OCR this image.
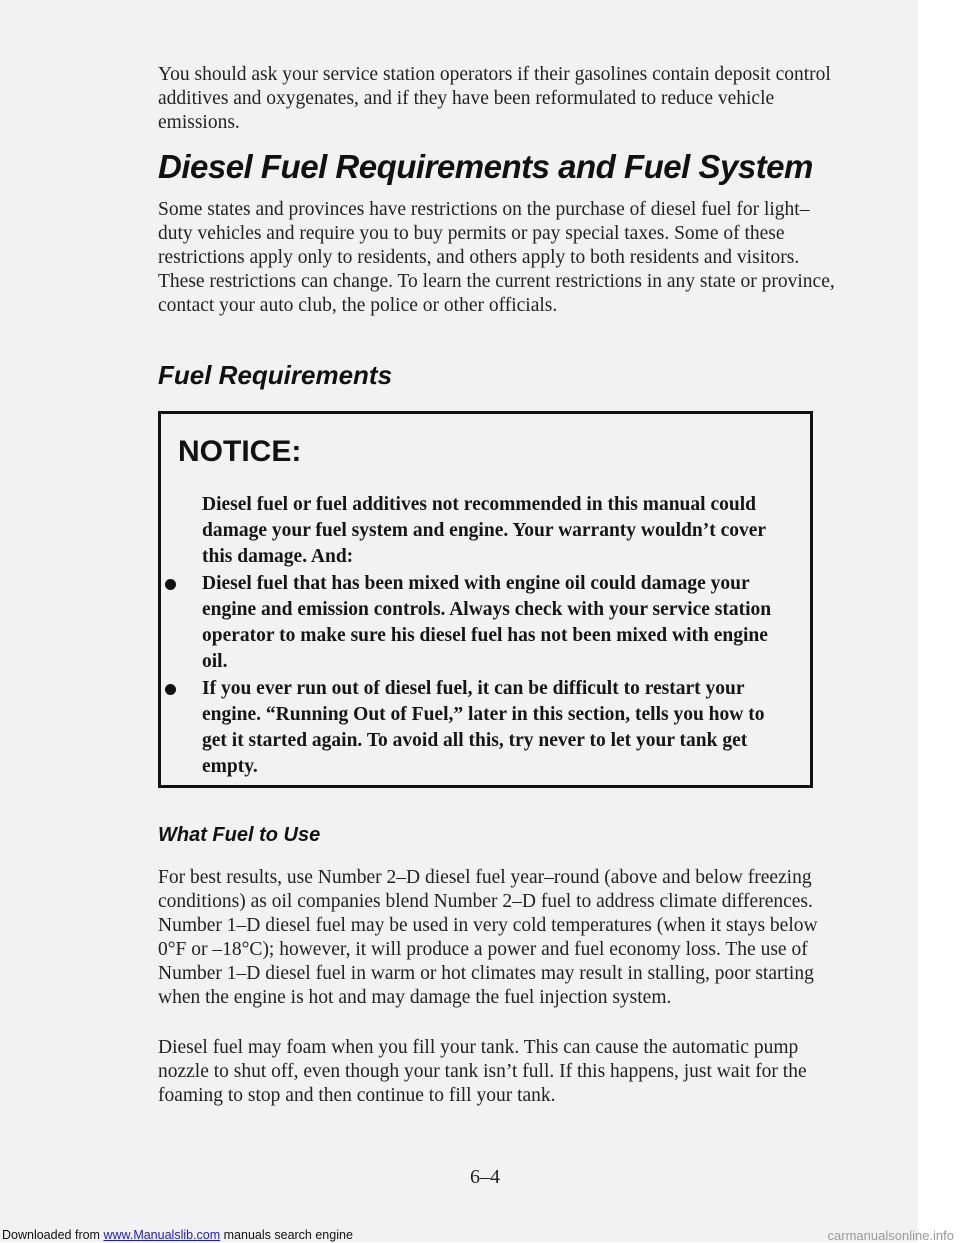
You should ask your service station operators if their gasolines contain deposit control additives and oxygenates, and if they have been reformulated to reduce vehicle emissions.

Diesel Fuel Requirements and Fuel System

Some states and provinces have restrictions on the purchase of diesel fuel for light–duty vehicles and require you to buy permits or pay special taxes. Some of these restrictions apply only to residents, and others apply to both residents and visitors. These restrictions can change. To learn the current restrictions in any state or province, contact your auto club, the police or other officials.

Fuel Requirements
NOTICE:

Diesel fuel or fuel additives not recommended in this manual could damage your fuel system and engine. Your warranty wouldn’t cover this damage. And:

Diesel fuel that has been mixed with engine oil could damage your engine and emission controls. Always check with your service station operator to make sure his diesel fuel has not been mixed with engine oil.
If you ever run out of diesel fuel, it can be difficult to restart your engine. “Running Out of Fuel,” later in this section, tells you how to get it started again. To avoid all this, try never to let your tank get empty.
What Fuel to Use

For best results, use Number 2–D diesel fuel year–round (above and below freezing conditions) as oil companies blend Number 2–D fuel to address climate differences. Number 1–D diesel fuel may be used in very cold temperatures (when it stays below 0°F or –18°C); however, it will produce a power and fuel economy loss. The use of Number 1–D diesel fuel in warm or hot climates may result in stalling, poor starting when the engine is hot and may damage the fuel injection system.

Diesel fuel may foam when you fill your tank. This can cause the automatic pump nozzle to shut off, even though your tank isn’t full. If this happens, just wait for the foaming to stop and then continue to fill your tank.

6–4

Downloaded from www.Manualslib.com manuals search engine	carmanualsonline.info
